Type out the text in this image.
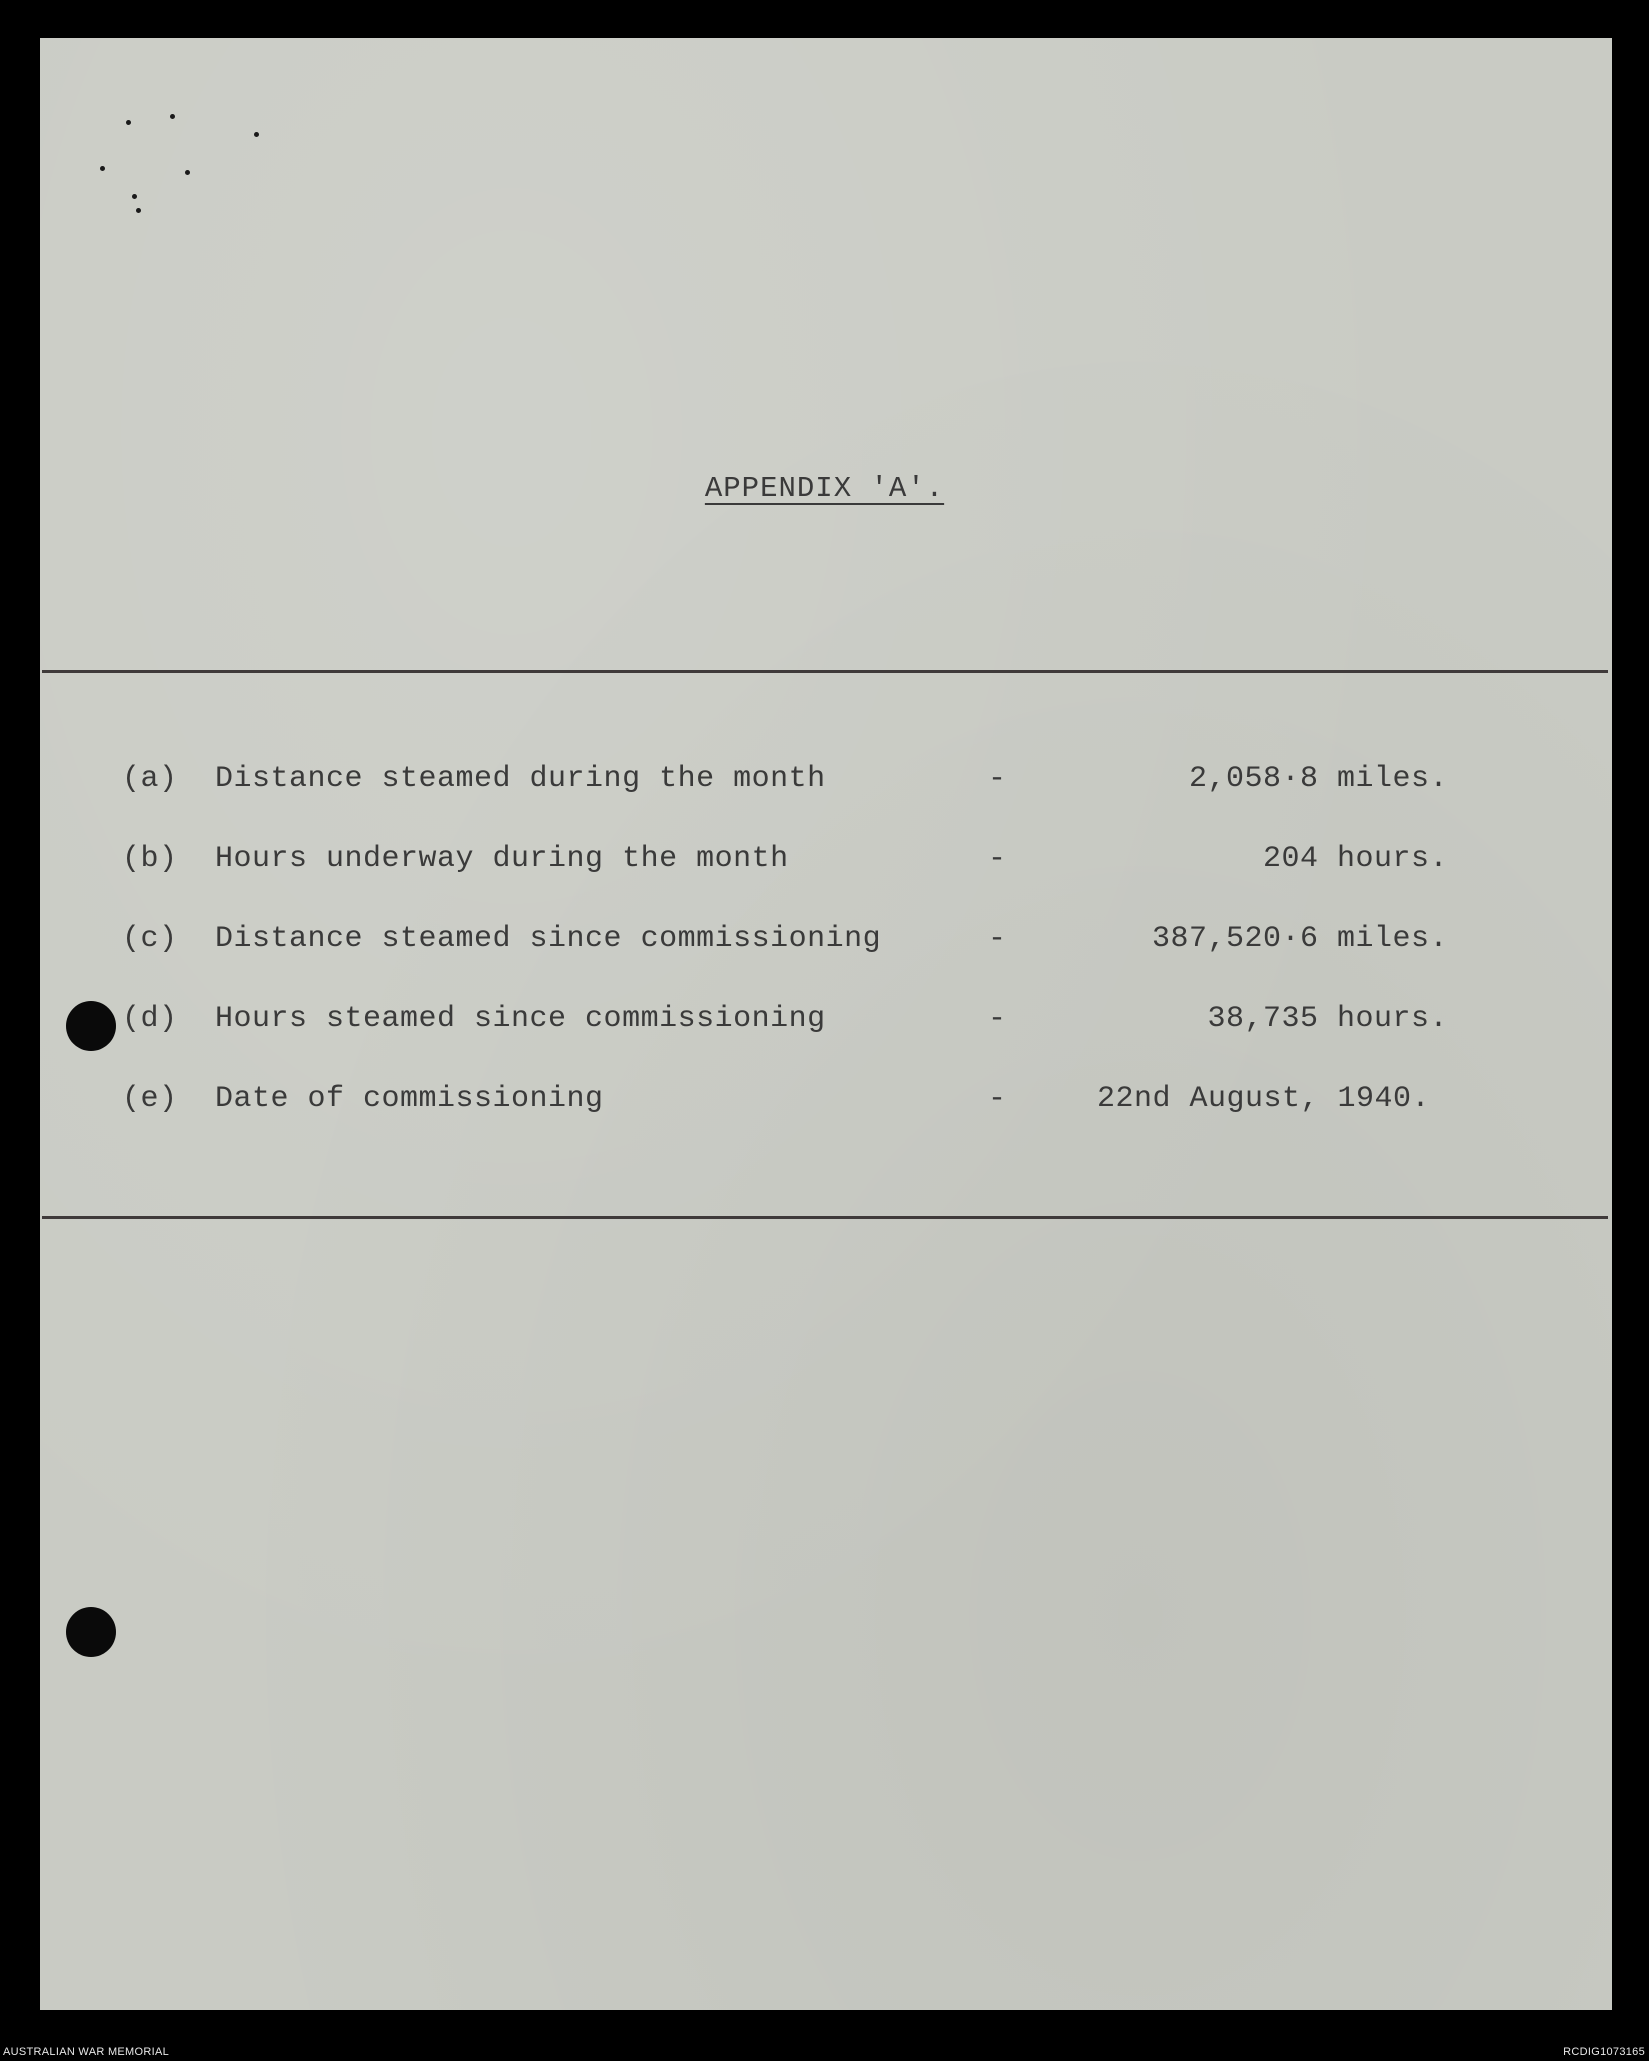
APPENDIX 'A'.
(a) Distance steamed during the month	-	2,058·8 miles.
(b) Hours underway during the month	-	204 hours.
(c) Distance steamed since commissioning	-	387,520·6 miles.
(d) Hours steamed since commissioning	-	38,735 hours.
(e) Date of commissioning	-	22nd August, 1940.
AUSTRALIAN WAR MEMORIAL	RCDIG1073165
